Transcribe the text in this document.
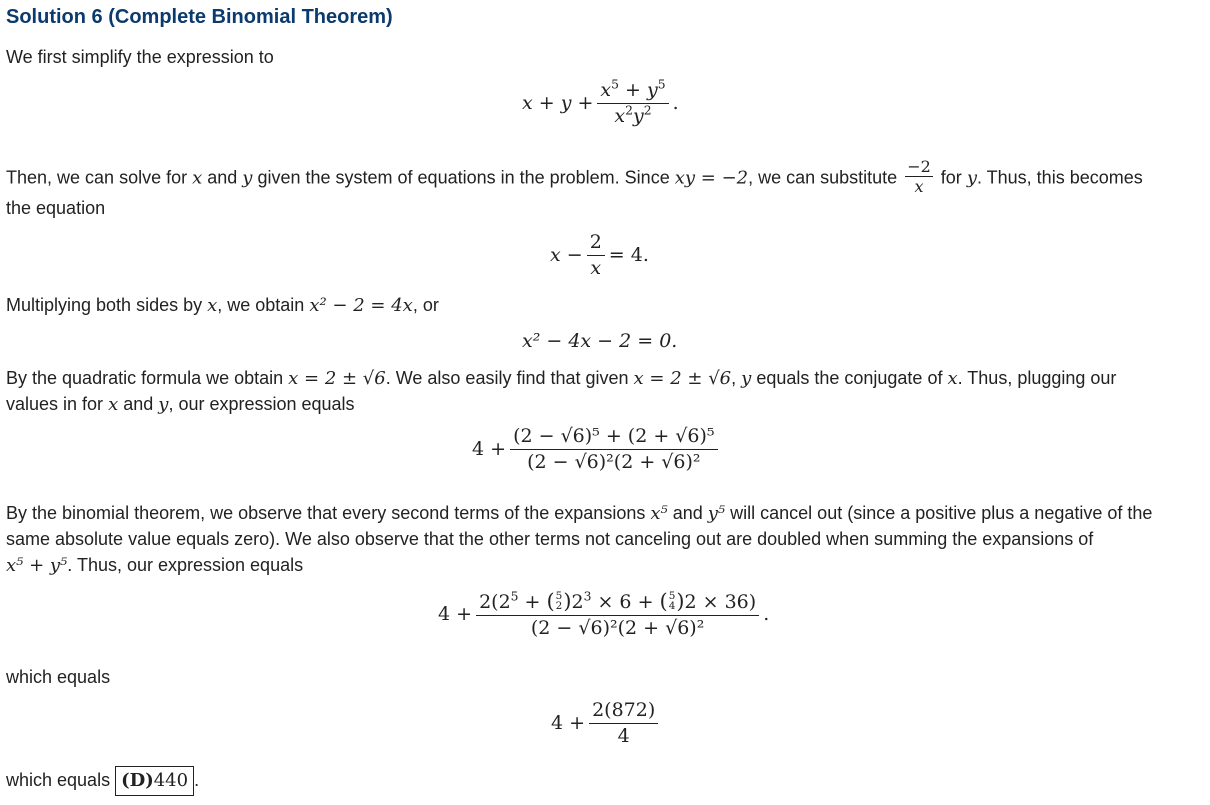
Solution 6 (Complete Binomial Theorem)
We first simplify the expression to
$x + y + \frac{x^5 + y^5}{x^2y^2}$ .
Then, we can solve for x and y given the system of equations in the problem. Since xy = −2, we can substitute $\frac{-2}{x}$ for y. Thus, this becomes
the equation
$x - \frac{2}{x} = 4$.
Multiplying both sides by x, we obtain x² − 2 = 4x, or
x² − 4x − 2 = 0.
By the quadratic formula we obtain x = 2 ± √6. We also easily find that given x = 2 ± √6, y equals the conjugate of x. Thus, plugging our
values in for x and y, our expression equals
$4 + \frac{\text{(2 − √6)⁵ + (2 + √6)⁵}}{\text{(2 − √6)²(2 + √6)²}}$
By the binomial theorem, we observe that every second terms of the expansions x⁵ and y⁵ will cancel out (since a positive plus a negative of the
same absolute value equals zero). We also observe that the other terms not canceling out are doubled when summing the expansions of
x⁵ + y⁵. Thus, our expression equals
$4 + 2(2^5$ + ( 5
2 ) $2^3 \times 6$ + ( 5
4 ) 2 × 36)
(2 − √6)²(2 + √6)² .
which equals
$4 + \frac{2(872)}{4}$
which equals (D)440 .
